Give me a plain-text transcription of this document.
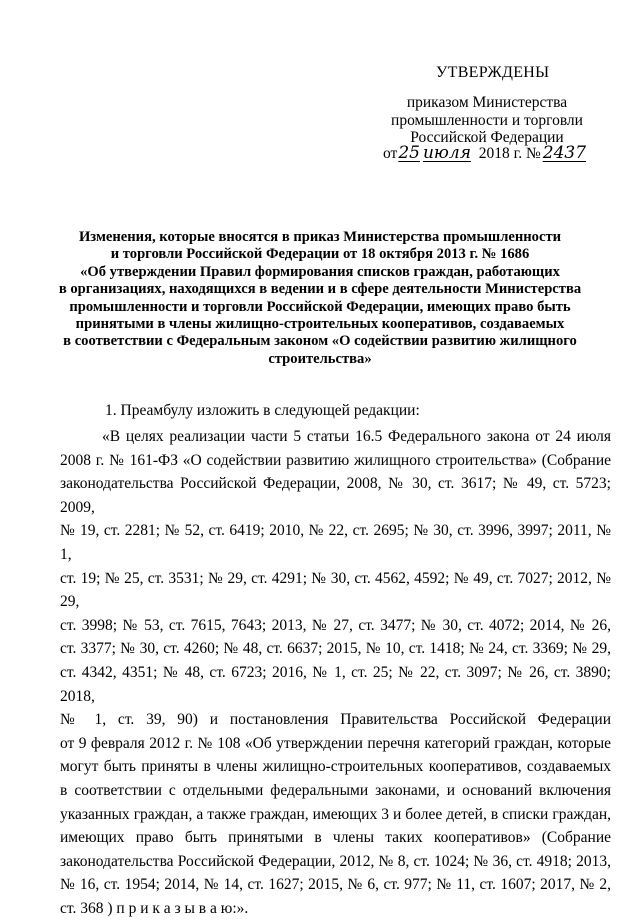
УТВЕРЖДЕНЫ
приказом Министерства
промышленности и торговли
Российской Федерации
от25 июля 2018 г. № 2437
Изменения, которые вносятся в приказ Министерства промышленности
и торговли Российской Федерации от 18 октября 2013 г. № 1686
«Об утверждении Правил формирования списков граждан, работающих
в организациях, находящихся в ведении и в сфере деятельности Министерства
промышленности и торговли Российской Федерации, имеющих право быть
принятыми в члены жилищно-строительных кооперативов, создаваемых
в соответствии с Федеральным законом «О содействии развитию жилищного
строительства»
1. Преамбулу изложить в следующей редакции:
«В целях реализации части 5 статьи 16.5 Федерального закона от 24 июля
2008 г. № 161-ФЗ «О содействии развитию жилищного строительства» (Собрание
законодательства Российской Федерации, 2008, № 30, ст. 3617; № 49, ст. 5723; 2009,
№ 19, ст. 2281; № 52, ст. 6419; 2010, № 22, ст. 2695; № 30, ст. 3996, 3997; 2011, № 1,
ст. 19; № 25, ст. 3531; № 29, ст. 4291; № 30, ст. 4562, 4592; № 49, ст. 7027; 2012, № 29,
ст. 3998; № 53, ст. 7615, 7643; 2013, № 27, ст. 3477; № 30, ст. 4072; 2014, № 26,
ст. 3377; № 30, ст. 4260; № 48, ст. 6637; 2015, № 10, ст. 1418; № 24, ст. 3369; № 29,
ст. 4342, 4351; № 48, ст. 6723; 2016, № 1, ст. 25; № 22, ст. 3097; № 26, ст. 3890; 2018,
№ 1, ст. 39, 90) и постановления Правительства Российской Федерации
от 9 февраля 2012 г. № 108 «Об утверждении перечня категорий граждан, которые
могут быть приняты в члены жилищно-строительных кооперативов, создаваемых
в соответствии с отдельными федеральными законами, и оснований включения
указанных граждан, а также граждан, имеющих 3 и более детей, в списки граждан,
имеющих право быть принятыми в члены таких кооперативов» (Собрание
законодательства Российской Федерации, 2012, № 8, ст. 1024; № 36, ст. 4918; 2013,
№ 16, ст. 1954; 2014, № 14, ст. 1627; 2015, № 6, ст. 977; № 11, ст. 1607; 2017, № 2,
ст. 368 ) п р и к а з ы в а ю:».
